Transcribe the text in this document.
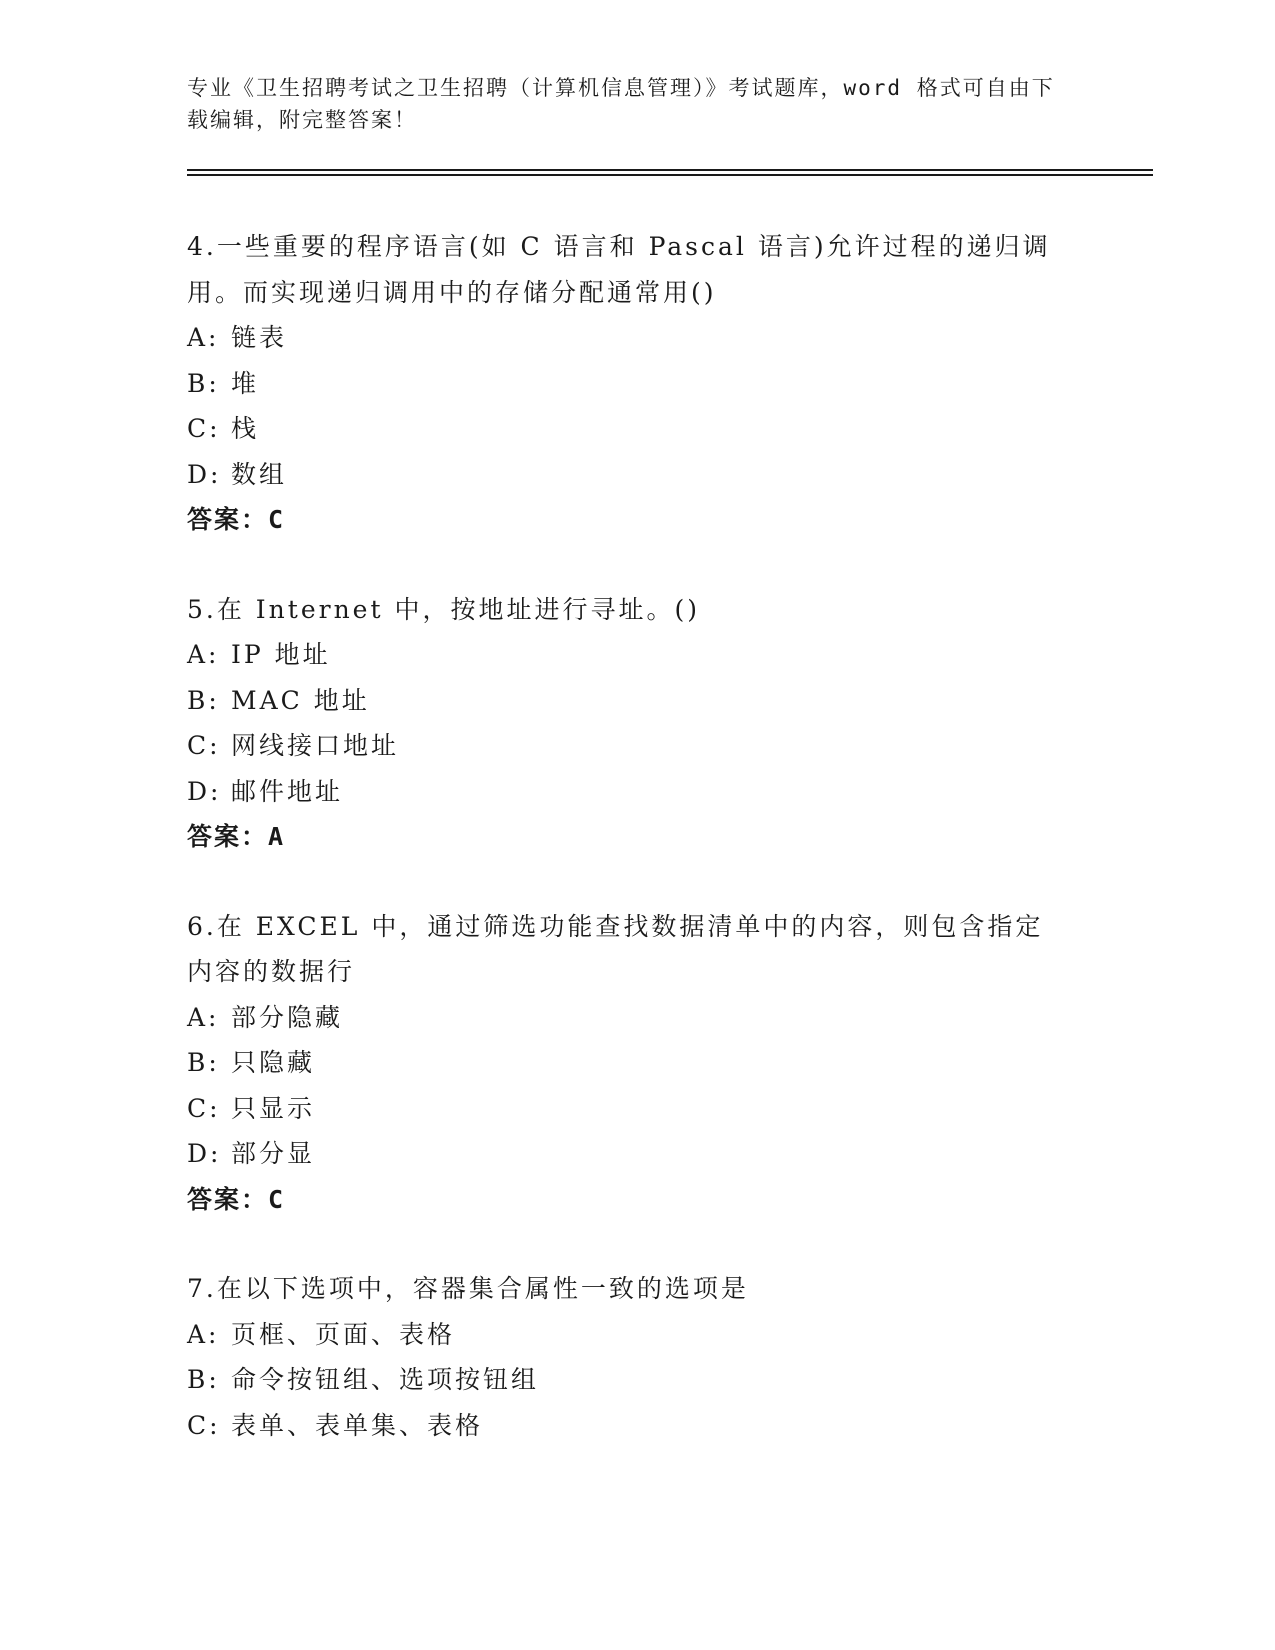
专业《卫生招聘考试之卫生招聘（计算机信息管理）》考试题库，word 格式可自由下载编辑，附完整答案！

4.一些重要的程序语言(如 C 语言和 Pascal 语言)允许过程的递归调用。而实现递归调用中的存储分配通常用()

A: 链表

B: 堆

C: 栈

D: 数组

答案：C

5.在 Internet 中，按地址进行寻址。()

A: IP 地址

B: MAC 地址

C: 网线接口地址

D: 邮件地址

答案：A

6.在 EXCEL 中，通过筛选功能查找数据清单中的内容，则包含指定内容的数据行

A: 部分隐藏

B: 只隐藏

C: 只显示

D: 部分显

答案：C

7.在以下选项中，容器集合属性一致的选项是

A: 页框、页面、表格

B: 命令按钮组、选项按钮组

C: 表单、表单集、表格
